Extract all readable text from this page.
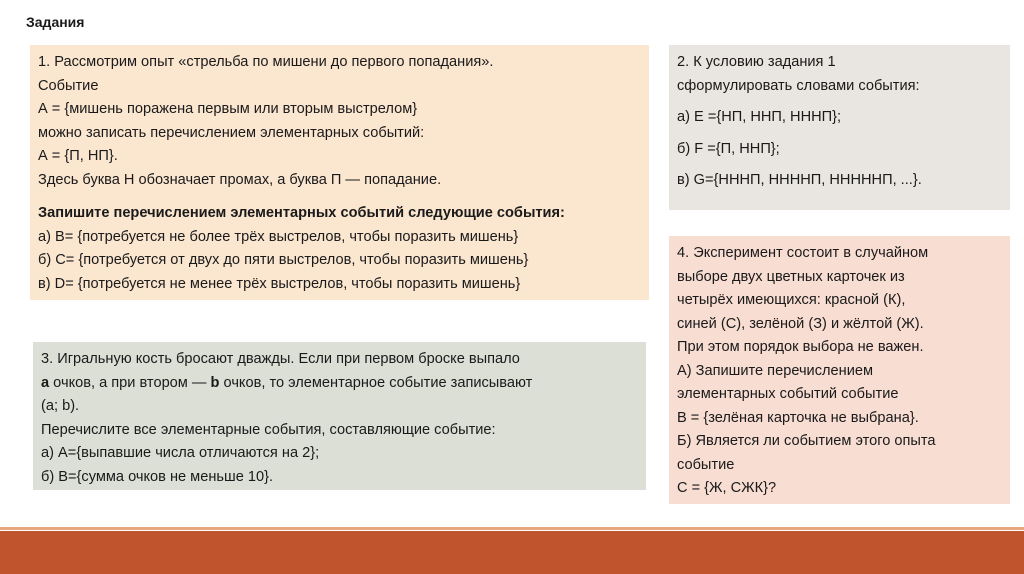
Задания

1. Рассмотрим опыт «стрельба по мишени до первого попадания».

Событие

А = {мишень поражена первым или вторым выстрелом}

можно записать перечислением элементарных событий:

А = {П, НП}.

Здесь буква Н обозначает промах, а буква П — попадание.

Запишите перечислением элементарных событий следующие события:

а) В= {потребуется не более трёх выстрелов, чтобы поразить мишень}

б) С= {потребуется от двух до пяти выстрелов, чтобы поразить мишень}

в) D= {потребуется не менее трёх выстрелов, чтобы поразить мишень}

2. К условию задания 1

сформулировать словами события:

а) E ={НП, ННП, НННП};

б) F ={П, ННП};

в) G={НННП, ННННП, НННННП, ...}.

3. Игральную кость бросают дважды. Если при первом броске выпало

a очков, а при втором — b очков, то элементарное событие записывают

(a; b).

Перечислите все элементарные события, составляющие событие:

а) А={выпавшие числа отличаются на 2};

б) В={сумма очков не меньше 10}.

4. Эксперимент состоит в случайном

выборе двух цветных карточек из

четырёх имеющихся: красной (К),

синей (С), зелёной (З) и жёлтой (Ж).

При этом порядок выбора не важен.

А) Запишите перечислением

элементарных событий событие

В = {зелёная карточка не выбрана}.

Б) Является ли событием этого опыта

событие

С = {Ж, СЖК}?
